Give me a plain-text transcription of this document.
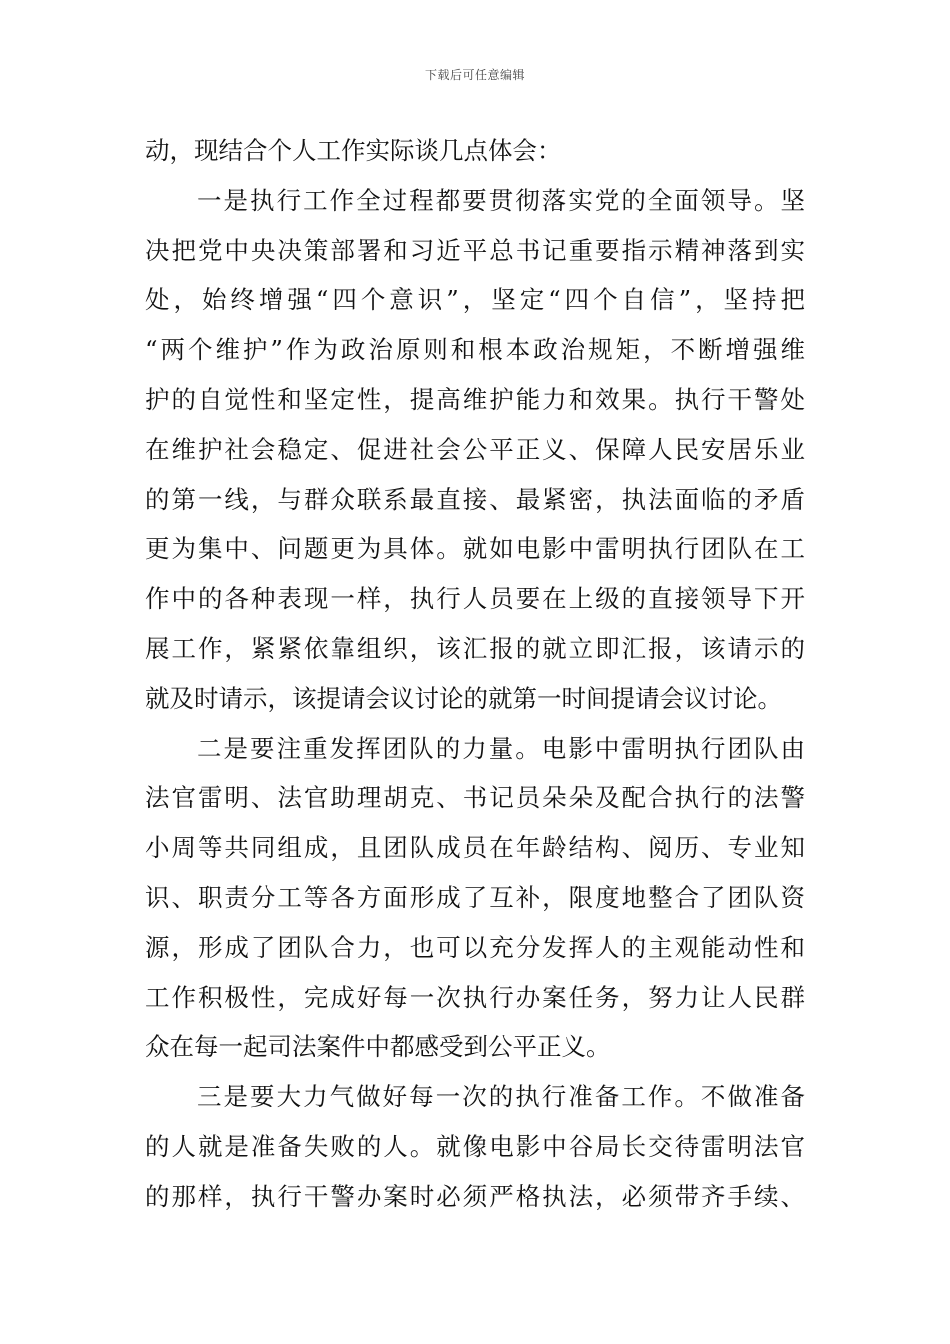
下载后可任意编辑
动，现结合个人工作实际谈几点体会：
一是执行工作全过程都要贯彻落实党的全面领导。坚
决把党中央决策部署和习近平总书记重要指示精神落到实
处，始终增强“四个意识”，坚定“四个自信”，坚持把
“两个维护”作为政治原则和根本政治规矩，不断增强维
护的自觉性和坚定性，提高维护能力和效果。执行干警处
在维护社会稳定、促进社会公平正义、保障人民安居乐业
的第一线，与群众联系最直接、最紧密，执法面临的矛盾
更为集中、问题更为具体。就如电影中雷明执行团队在工
作中的各种表现一样，执行人员要在上级的直接领导下开
展工作，紧紧依靠组织，该汇报的就立即汇报，该请示的
就及时请示，该提请会议讨论的就第一时间提请会议讨论。
二是要注重发挥团队的力量。电影中雷明执行团队由
法官雷明、法官助理胡克、书记员朵朵及配合执行的法警
小周等共同组成，且团队成员在年龄结构、阅历、专业知
识、职责分工等各方面形成了互补，限度地整合了团队资
源，形成了团队合力，也可以充分发挥人的主观能动性和
工作积极性，完成好每一次执行办案任务，努力让人民群
众在每一起司法案件中都感受到公平正义。
三是要大力气做好每一次的执行准备工作。不做准备
的人就是准备失败的人。就像电影中谷局长交待雷明法官
的那样，执行干警办案时必须严格执法，必须带齐手续、
